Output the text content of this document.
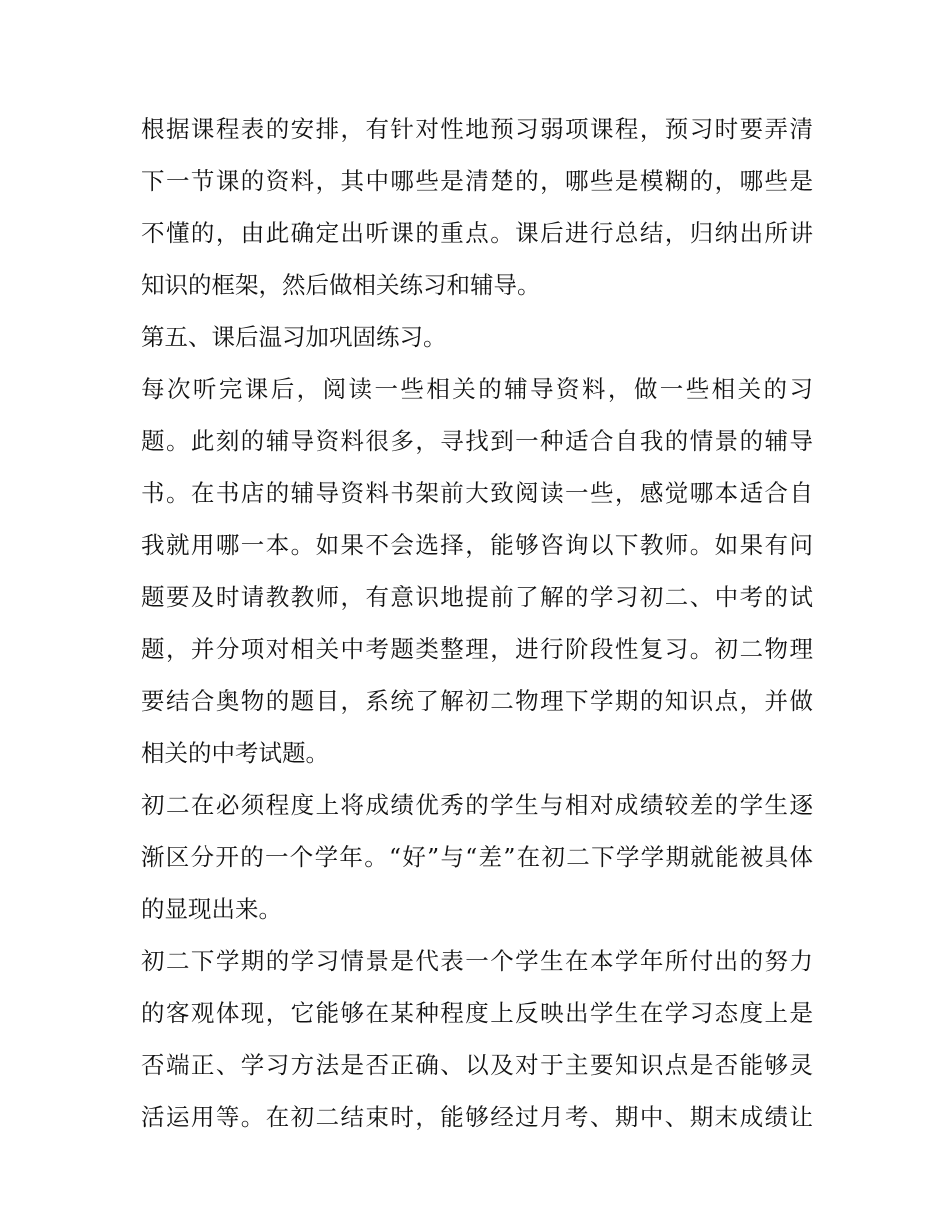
根据课程表的安排，有针对性地预习弱项课程，预习时要弄清

下一节课的资料，其中哪些是清楚的，哪些是模糊的，哪些是

不懂的，由此确定出听课的重点。课后进行总结，归纳出所讲

知识的框架，然后做相关练习和辅导。

第五、课后温习加巩固练习。

每次听完课后，阅读一些相关的辅导资料，做一些相关的习

题。此刻的辅导资料很多，寻找到一种适合自我的情景的辅导

书。在书店的辅导资料书架前大致阅读一些，感觉哪本适合自

我就用哪一本。如果不会选择，能够咨询以下教师。如果有问

题要及时请教教师，有意识地提前了解的学习初二、中考的试

题，并分项对相关中考题类整理，进行阶段性复习。初二物理

要结合奥物的题目，系统了解初二物理下学期的知识点，并做

相关的中考试题。

初二在必须程度上将成绩优秀的学生与相对成绩较差的学生逐

渐区分开的一个学年。“好”与“差”在初二下学学期就能被具体

的显现出来。

初二下学期的学习情景是代表一个学生在本学年所付出的努力

的客观体现，它能够在某种程度上反映出学生在学习态度上是

否端正、学习方法是否正确、以及对于主要知识点是否能够灵

活运用等。在初二结束时，能够经过月考、期中、期末成绩让
